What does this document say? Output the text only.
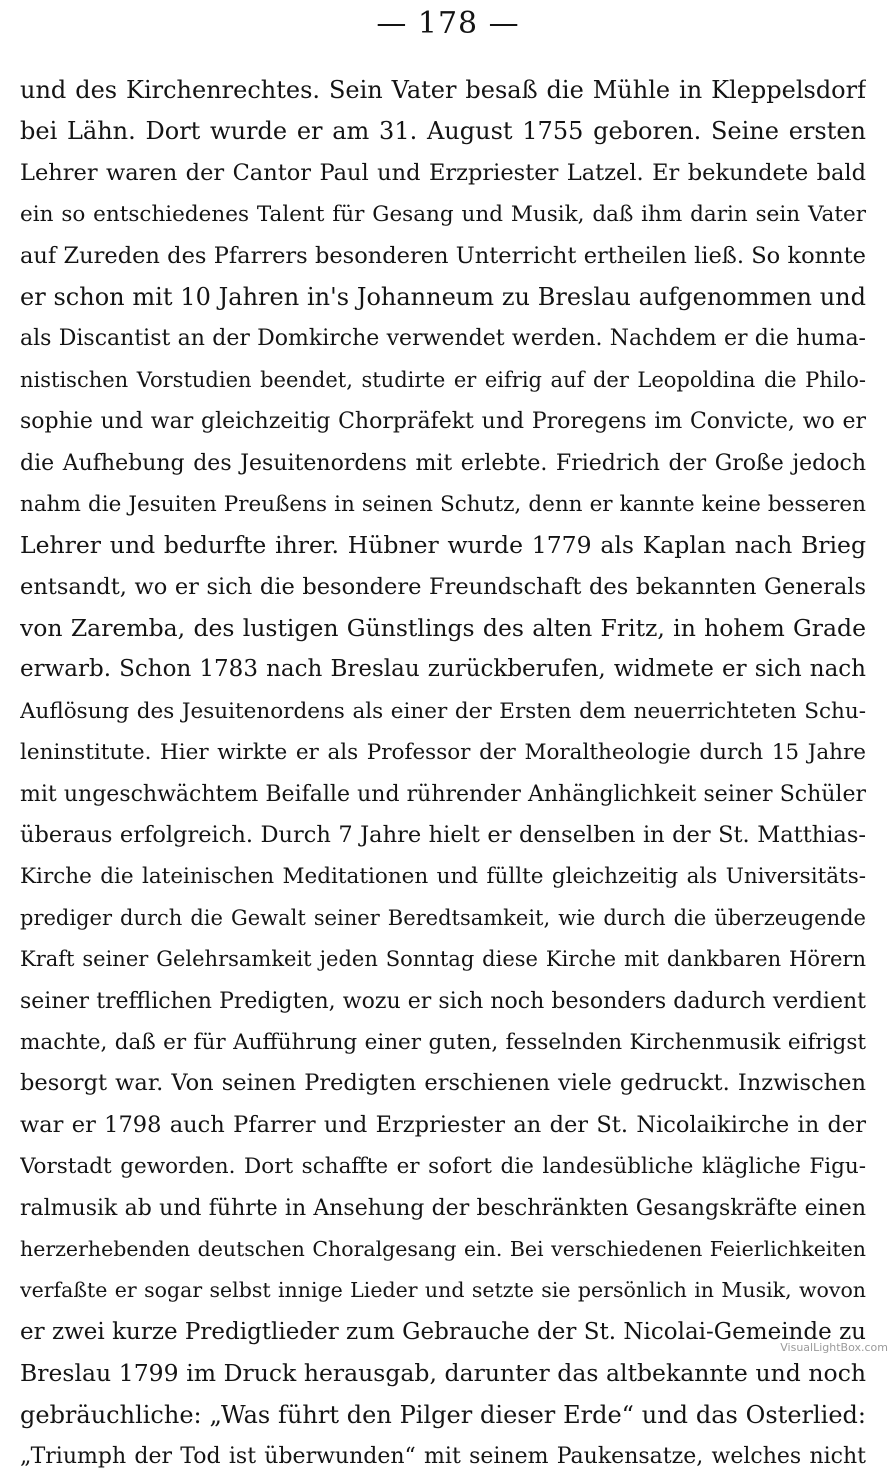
— 178 —
und des Kirchenrechtes. Sein Vater besaß die Mühle in Kleppelsdorf
bei Lähn. Dort wurde er am 31. August 1755 geboren. Seine ersten
Lehrer waren der Cantor Paul und Erzpriester Latzel. Er bekundete bald
ein so entschiedenes Talent für Gesang und Musik, daß ihm darin sein Vater
auf Zureden des Pfarrers besonderen Unterricht ertheilen ließ. So konnte
er schon mit 10 Jahren in's Johanneum zu Breslau aufgenommen und
als Discantist an der Domkirche verwendet werden. Nachdem er die huma-
nistischen Vorstudien beendet, studirte er eifrig auf der Leopoldina die Philo-
sophie und war gleichzeitig Chorpräfekt und Proregens im Convicte, wo er
die Aufhebung des Jesuitenordens mit erlebte. Friedrich der Große jedoch
nahm die Jesuiten Preußens in seinen Schutz, denn er kannte keine besseren
Lehrer und bedurfte ihrer. Hübner wurde 1779 als Kaplan nach Brieg
entsandt, wo er sich die besondere Freundschaft des bekannten Generals
von Zaremba, des lustigen Günstlings des alten Fritz, in hohem Grade
erwarb. Schon 1783 nach Breslau zurückberufen, widmete er sich nach
Auflösung des Jesuitenordens als einer der Ersten dem neuerrichteten Schu-
leninstitute. Hier wirkte er als Professor der Moraltheologie durch 15 Jahre
mit ungeschwächtem Beifalle und rührender Anhänglichkeit seiner Schüler
überaus erfolgreich. Durch 7 Jahre hielt er denselben in der St. Matthias-
Kirche die lateinischen Meditationen und füllte gleichzeitig als Universitäts-
prediger durch die Gewalt seiner Beredtsamkeit, wie durch die überzeugende
Kraft seiner Gelehrsamkeit jeden Sonntag diese Kirche mit dankbaren Hörern
seiner trefflichen Predigten, wozu er sich noch besonders dadurch verdient
machte, daß er für Aufführung einer guten, fesselnden Kirchenmusik eifrigst
besorgt war. Von seinen Predigten erschienen viele gedruckt. Inzwischen
war er 1798 auch Pfarrer und Erzpriester an der St. Nicolaikirche in der
Vorstadt geworden. Dort schaffte er sofort die landesübliche klägliche Figu-
ralmusik ab und führte in Ansehung der beschränkten Gesangskräfte einen
herzerhebenden deutschen Choralgesang ein. Bei verschiedenen Feierlichkeiten
verfaßte er sogar selbst innige Lieder und setzte sie persönlich in Musik, wovon
er zwei kurze Predigtlieder zum Gebrauche der St. Nicolai-Gemeinde zu
Breslau 1799 im Druck herausgab, darunter das altbekannte und noch
gebräuchliche: „Was führt den Pilger dieser Erde“ und das Osterlied:
„Triumph der Tod ist überwunden“ mit seinem Paukensatze, welches nicht
VisualLightBox.com
